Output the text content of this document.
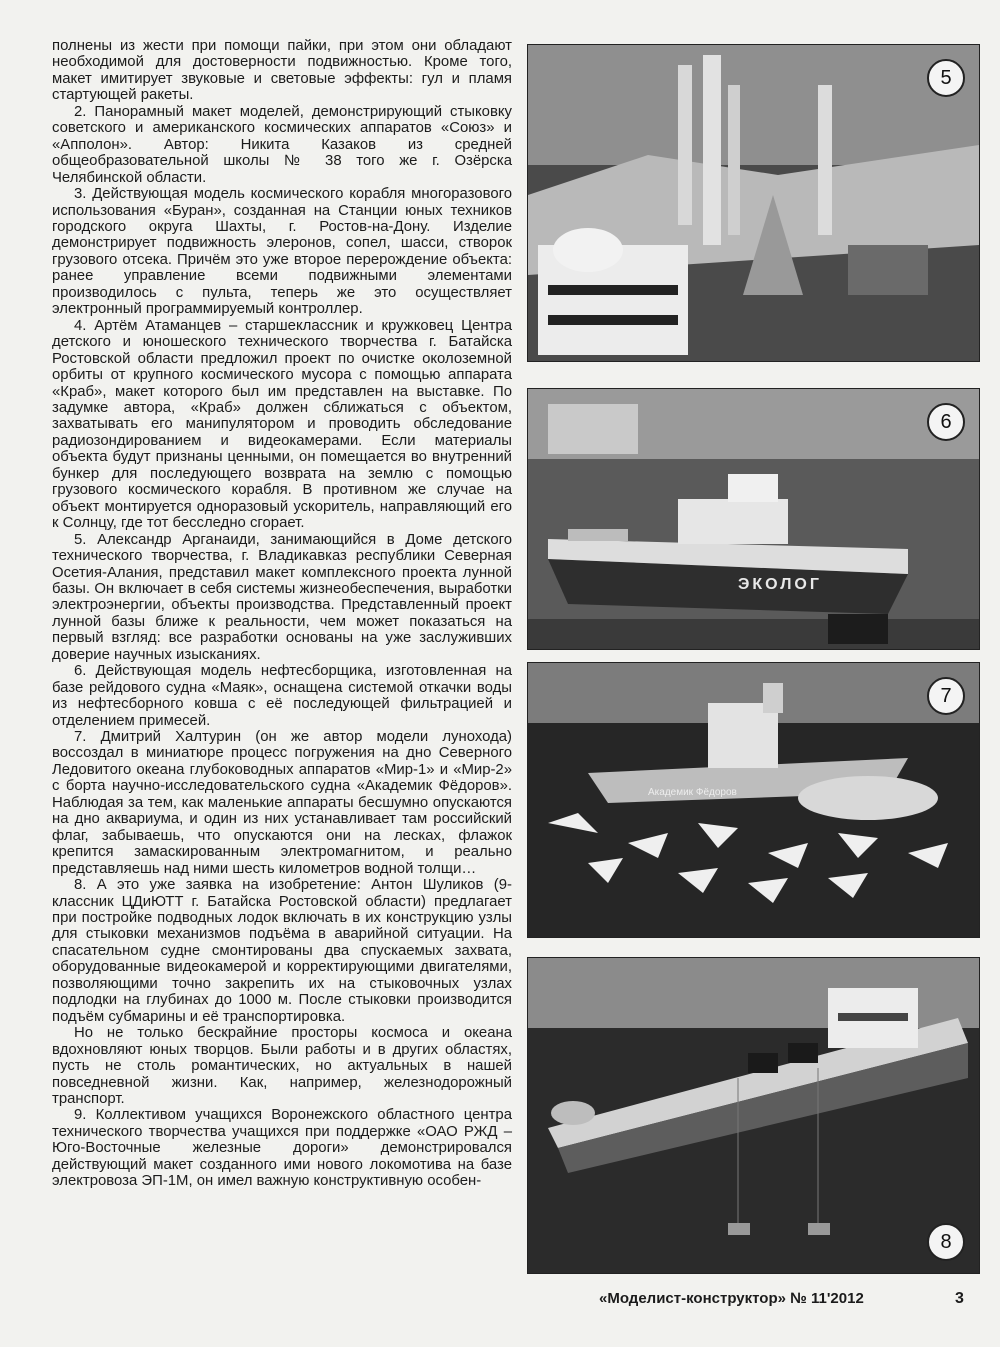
полнены из жести при помощи пайки, при этом они обладают необходимой для достоверности подвижностью. Кроме того, макет имитирует звуковые и световые эффекты: гул и пламя стартующей ракеты.

2. Панорамный макет моделей, демонстрирующий стыковку советского и американского космических аппаратов «Союз» и «Апполон». Автор: Никита Казаков из средней общеобразовательной школы № 38 того же г. Озёрска Челябинской области.

3. Действующая модель космического корабля многоразового использования «Буран», созданная на Станции юных техников городского округа Шахты, г. Ростов-на-Дону. Изделие демонстрирует подвижность элеронов, сопел, шасси, створок грузового отсека. Причём это уже второе перерождение объекта: ранее управление всеми подвижными элементами производилось с пульта, теперь же это осуществляет электронный программируемый контроллер.

4. Артём Атаманцев – старшеклассник и кружковец Центра детского и юношеского технического творчества г. Батайска Ростовской области предложил проект по очистке околоземной орбиты от крупного космического мусора с помощью аппарата «Краб», макет которого был им представлен на выставке. По задумке автора, «Краб» должен сближаться с объектом, захватывать его манипулятором и проводить обследование радиозондированием и видеокамерами. Если материалы объекта будут признаны ценными, он помещается во внутренний бункер для последующего возврата на землю с помощью грузового космического корабля. В противном же случае на объект монтируется одноразовый ускоритель, направляющий его к Солнцу, где тот бесследно сгорает.

5. Александр Арганаиди, занимающийся в Доме детского технического творчества, г. Владикавказ республики Северная Осетия-Алания, представил макет комплексного проекта лунной базы. Он включает в себя системы жизнеобеспечения, выработки электроэнергии, объекты производства. Представленный проект лунной базы ближе к реальности, чем может показаться на первый взгляд: все разработки основаны на уже заслуживших доверие научных изысканиях.

6. Действующая модель нефтесборщика, изготовленная на базе рейдового судна «Маяк», оснащена системой откачки воды из нефтесборного ковша с её последующей фильтрацией и отделением примесей.

7. Дмитрий Халтурин (он же автор модели лунохода) воссоздал в миниатюре процесс погружения на дно Северного Ледовитого океана глубоководных аппаратов «Мир-1» и «Мир-2» с борта научно-исследовательского судна «Академик Фёдоров». Наблюдая за тем, как маленькие аппараты бесшумно опускаются на дно аквариума, и один из них устанавливает там российский флаг, забываешь, что опускаются они на лесках, флажок крепится замаскированным электромагнитом, и реально представляешь над ними шесть километров водной толщи…

8. А это уже заявка на изобретение: Антон Шуликов (9-классник ЦДиЮТТ г. Батайска Ростовской области) предлагает при постройке подводных лодок включать в их конструкцию узлы для стыковки механизмов подъёма в аварийной ситуации. На спасательном судне смонтированы два спускаемых захвата, оборудованные видеокамерой и корректирующими двигателями, позволяющими точно закрепить их на стыковочных узлах подлодки на глубинах до 1000 м. После стыковки производится подъём субмарины и её транспортировка.

Но не только бескрайние просторы космоса и океана вдохновляют юных творцов. Были работы и в других областях, пусть не столь романтических, но актуальных в нашей повседневной жизни. Как, например, железнодорожный транспорт.

9. Коллективом учащихся Воронежского областного центра технического творчества учащихся при поддержке «ОАО РЖД – Юго-Восточные железные дороги» демонстрировался действующий макет созданного ими нового локомотива на базе электровоза ЭП-1М, он имел важную конструктивную особен-

5
ЭКОЛОГ
6
Академик Фёдоров
7
8
«Моделист-конструктор» № 11'2012	3
